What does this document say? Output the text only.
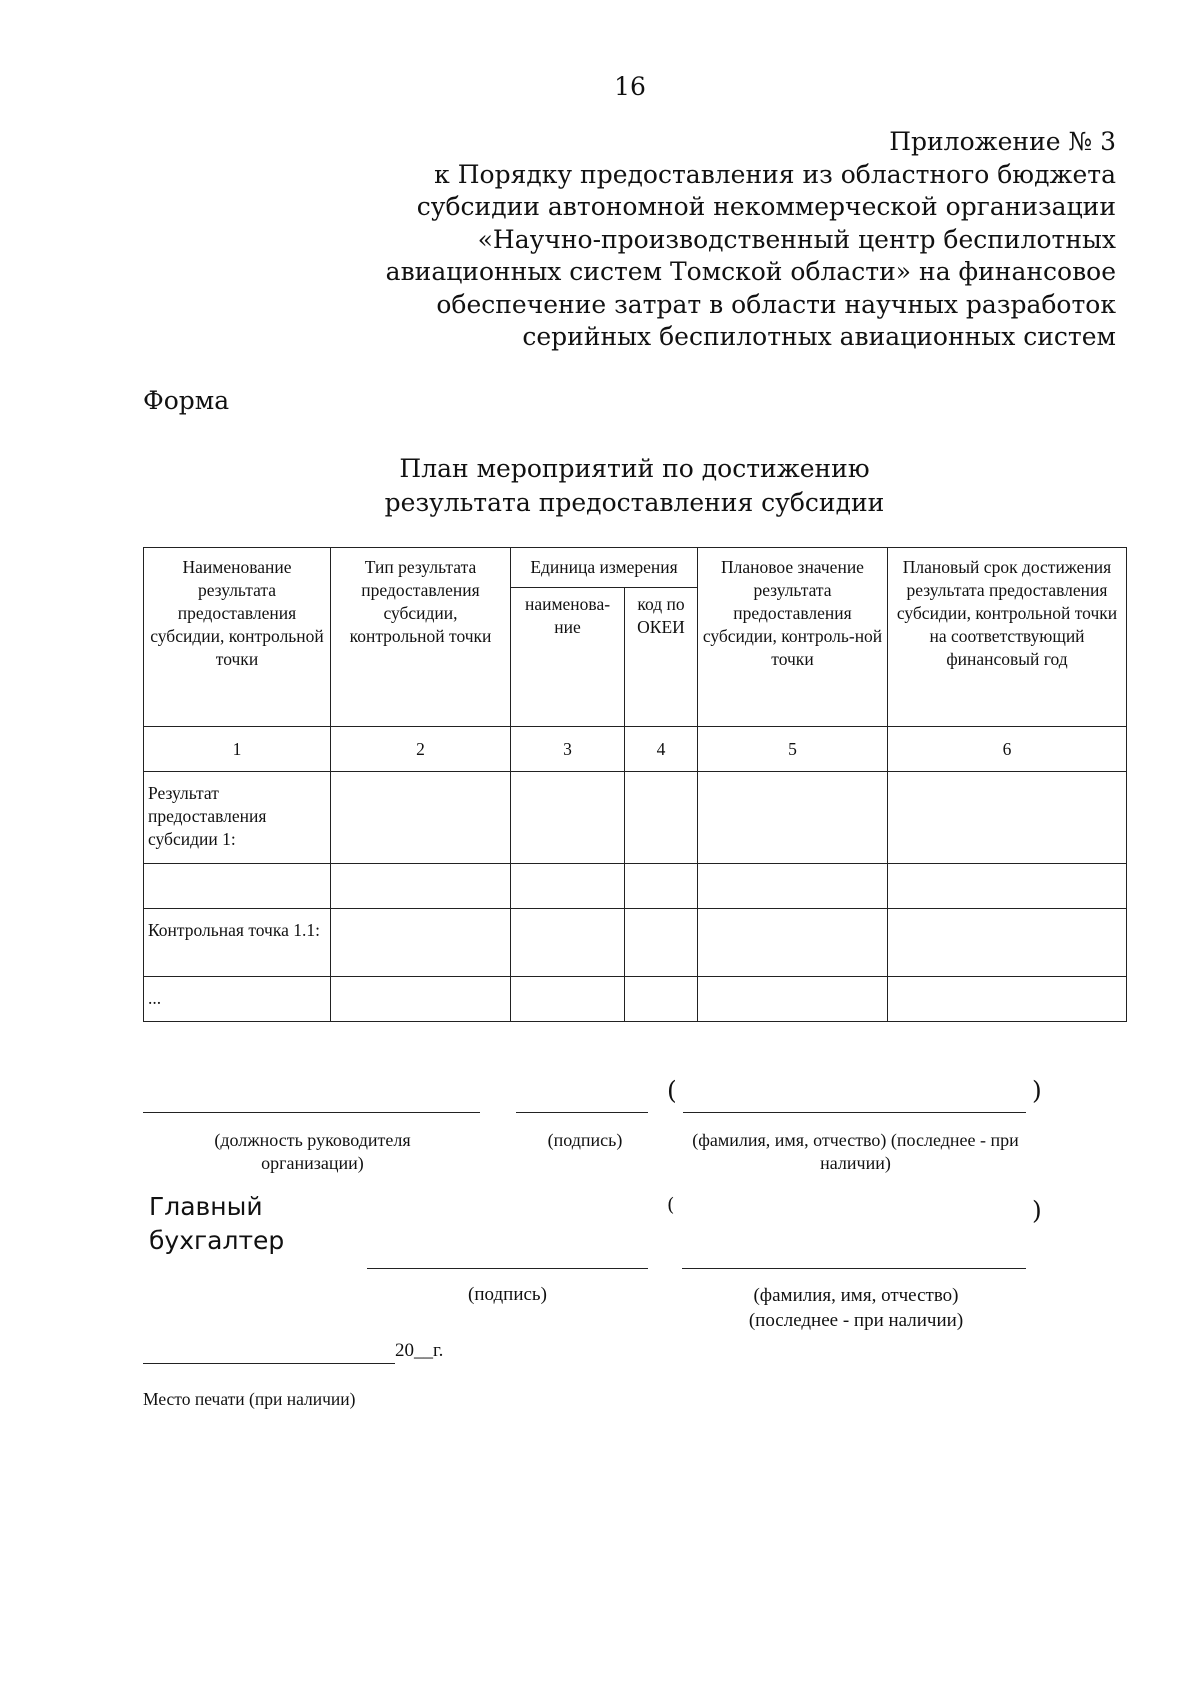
16
Приложение № 3
к Порядку предоставления из областного бюджета
субсидии автономной некоммерческой организации
«Научно-производственный центр беспилотных
авиационных систем Томской области» на финансовое
обеспечение затрат в области научных разработок
серийных беспилотных авиационных систем
Форма
План мероприятий по достижению
результата предоставления субсидии
Наименование результата предоставления субсидии, контрольной точки	Тип результата предоставления субсидии, контрольной точки	Единица измерения		Плановое значение результата предоставления субсидии, контроль-ной точки	Плановый срок достижения результата предоставления субсидии, контрольной точки на соответствующий финансовый год
		наименова-ние	код по ОКЕИ		
1	2	3	4	5	6
Результат предоставления субсидии 1:					

Контрольная точка 1.1:					
...					
(	)
(должность руководителя организации)
(подпись)	(фамилия, имя, отчество) (последнее - при наличии)
Главный бухгалтер
(	)
(подпись)	(фамилия, имя, отчество) (последнее - при наличии)
20__г.
Место печати (при наличии)
